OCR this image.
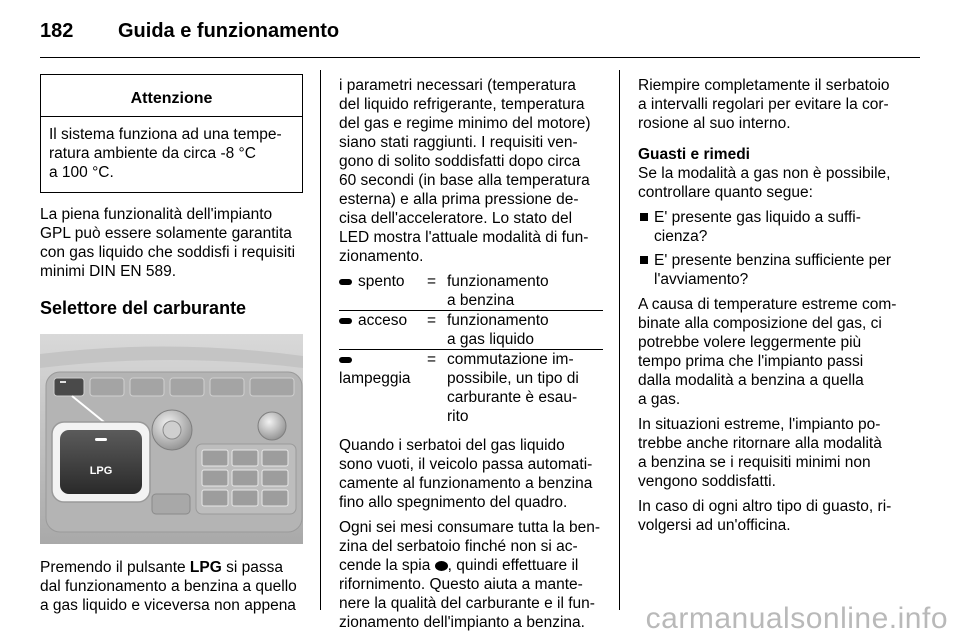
182 Guida e funzionamento
Attenzione
Il sistema funziona ad una tempe-
ratura ambiente da circa -8 °C
a 100 °C.

La piena funzionalità dell'impianto
GPL può essere solamente garantita
con gas liquido che soddisfi i requisiti
minimi DIN EN 589.

Selettore del carburante
LPG

Premendo il pulsante LPG si passa
dal funzionamento a benzina a quello
a gas liquido e viceversa non appena

i parametri necessari (temperatura
del liquido refrigerante, temperatura
del gas e regime minimo del motore)
siano stati raggiunti. I requisiti ven-
gono di solito soddisfatti dopo circa
60 secondi (in base alla temperatura
esterna) e alla prima pressione de-
cisa dell'acceleratore. Lo stato del
LED mostra l'attuale modalità di fun-
zionamento.

spento	=	funzionamento
a benzina
acceso	=	funzionamento
a gas liquido
lampeggia	=	commutazione im-
possibile, un tipo di
carburante è esau-
rito

Quando i serbatoi del gas liquido
sono vuoti, il veicolo passa automati-
camente al funzionamento a benzina
fino allo spegnimento del quadro.

Ogni sei mesi consumare tutta la ben-
zina del serbatoio finché non si ac-
cende la spia , quindi effettuare il
rifornimento. Questo aiuta a mante-
nere la qualità del carburante e il fun-
zionamento dell'impianto a benzina.

Riempire completamente il serbatoio
a intervalli regolari per evitare la cor-
rosione al suo interno.

Guasti e rimedi

Se la modalità a gas non è possibile,
controllare quanto segue:

E' presente gas liquido a suffi-
cienza?
E' presente benzina sufficiente per
l'avviamento?

A causa di temperature estreme com-
binate alla composizione del gas, ci
potrebbe volere leggermente più
tempo prima che l'impianto passi
dalla modalità a benzina a quella
a gas.

In situazioni estreme, l'impianto po-
trebbe anche ritornare alla modalità
a benzina se i requisiti minimi non
vengono soddisfatti.

In caso di ogni altro tipo di guasto, ri-
volgersi ad un'officina.

carmanualsonline.info
